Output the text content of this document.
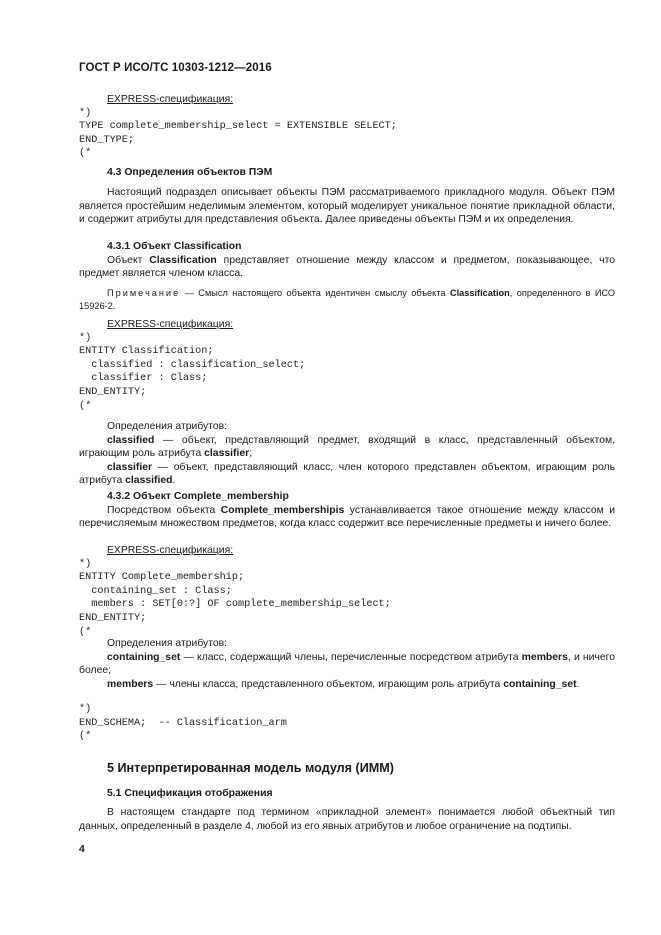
ГОСТ Р ИСО/ТС 10303-1212—2016

EXPRESS-спецификация:

*)

TYPE complete_membership_select = EXTENSIBLE SELECT;

END_TYPE;

(*

4.3 Определения объектов ПЭМ

Настоящий подраздел описывает объекты ПЭМ рассматриваемого прикладного модуля. Объект ПЭМ является простейшим неделимым элементом, который моделирует уникальное понятие прикладной области, и содержит атрибуты для представления объекта. Далее приведены объекты ПЭМ и их определения.

4.3.1 Объект Classification

Объект Classification представляет отношение между классом и предметом, показывающее, что предмет является членом класса.

Примечание — Смысл настоящего объекта идентичен смыслу объекта Classification, определенного в ИСО 15926-2.

EXPRESS-спецификация:

*)

ENTITY Classification;

classified : classification_select;

classifier : Class;

END_ENTITY;

(*

Определения атрибутов:

classified — объект, представляющий предмет, входящий в класс, представленный объектом, играющим роль атрибута classifier;

classifier — объект, представляющий класс, член которого представлен объектом, играющим роль атрибута classified.

4.3.2 Объект Complete_membership

Посредством объекта Complete_membershipis устанавливается такое отношение между классом и перечисляемым множеством предметов, когда класс содержит все перечисленные предметы и ничего более.

EXPRESS-спецификация:

*)

ENTITY Complete_membership;

containing_set : Class;

members : SET[0:?] OF complete_membership_select;

END_ENTITY;

(*

Определения атрибутов:

containing_set — класс, содержащий члены, перечисленные посредством атрибута members, и ничего более;

members — члены класса, представленного объектом, играющим роль атрибута containing_set.

*)

END_SCHEMA;  -- Classification_arm

(*

5 Интерпретированная модель модуля (ИММ)

5.1 Спецификация отображения

В настоящем стандарте под термином «прикладной элемент» понимается любой объектный тип данных, определенный в разделе 4, любой из его явных атрибутов и любое ограничение на подтипы.

4
